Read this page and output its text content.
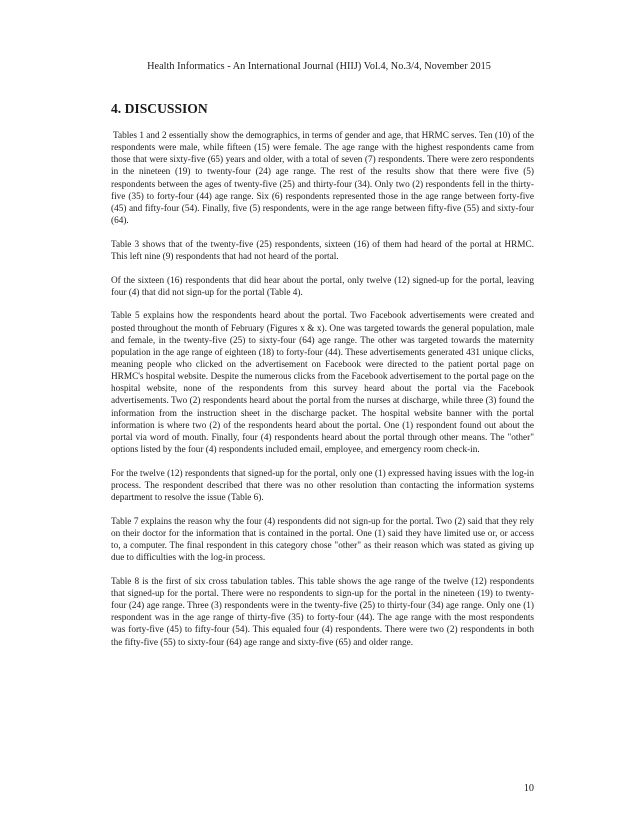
Health Informatics - An International Journal (HIIJ) Vol.4, No.3/4, November 2015
4. DISCUSSION

Tables 1 and 2 essentially show the demographics, in terms of gender and age, that HRMC serves. Ten (10) of the respondents were male, while fifteen (15) were female. The age range with the highest respondents came from those that were sixty-five (65) years and older, with a total of seven (7) respondents. There were zero respondents in the nineteen (19) to twenty-four (24) age range. The rest of the results show that there were five (5) respondents between the ages of twenty-five (25) and thirty-four (34). Only two (2) respondents fell in the thirty-five (35) to forty-four (44) age range. Six (6) respondents represented those in the age range between forty-five (45) and fifty-four (54). Finally, five (5) respondents, were in the age range between fifty-five (55) and sixty-four (64).

Table 3 shows that of the twenty-five (25) respondents, sixteen (16) of them had heard of the portal at HRMC. This left nine (9) respondents that had not heard of the portal.

Of the sixteen (16) respondents that did hear about the portal, only twelve (12) signed-up for the portal, leaving four (4) that did not sign-up for the portal (Table 4).

Table 5 explains how the respondents heard about the portal. Two Facebook advertisements were created and posted throughout the month of February (Figures x & x). One was targeted towards the general population, male and female, in the twenty-five (25) to sixty-four (64) age range. The other was targeted towards the maternity population in the age range of eighteen (18) to forty-four (44). These advertisements generated 431 unique clicks, meaning people who clicked on the advertisement on Facebook were directed to the patient portal page on HRMC's hospital website. Despite the numerous clicks from the Facebook advertisement to the portal page on the hospital website, none of the respondents from this survey heard about the portal via the Facebook advertisements. Two (2) respondents heard about the portal from the nurses at discharge, while three (3) found the information from the instruction sheet in the discharge packet. The hospital website banner with the portal information is where two (2) of the respondents heard about the portal. One (1) respondent found out about the portal via word of mouth. Finally, four (4) respondents heard about the portal through other means. The "other" options listed by the four (4) respondents included email, employee, and emergency room check-in.

For the twelve (12) respondents that signed-up for the portal, only one (1) expressed having issues with the log-in process. The respondent described that there was no other resolution than contacting the information systems department to resolve the issue (Table 6).

Table 7 explains the reason why the four (4) respondents did not sign-up for the portal. Two (2) said that they rely on their doctor for the information that is contained in the portal. One (1) said they have limited use or, or access to, a computer. The final respondent in this category chose "other" as their reason which was stated as giving up due to difficulties with the log-in process.

Table 8 is the first of six cross tabulation tables. This table shows the age range of the twelve (12) respondents that signed-up for the portal. There were no respondents to sign-up for the portal in the nineteen (19) to twenty-four (24) age range. Three (3) respondents were in the twenty-five (25) to thirty-four (34) age range. Only one (1) respondent was in the age range of thirty-five (35) to forty-four (44). The age range with the most respondents was forty-five (45) to fifty-four (54). This equaled four (4) respondents. There were two (2) respondents in both the fifty-five (55) to sixty-four (64) age range and sixty-five (65) and older range.

10
